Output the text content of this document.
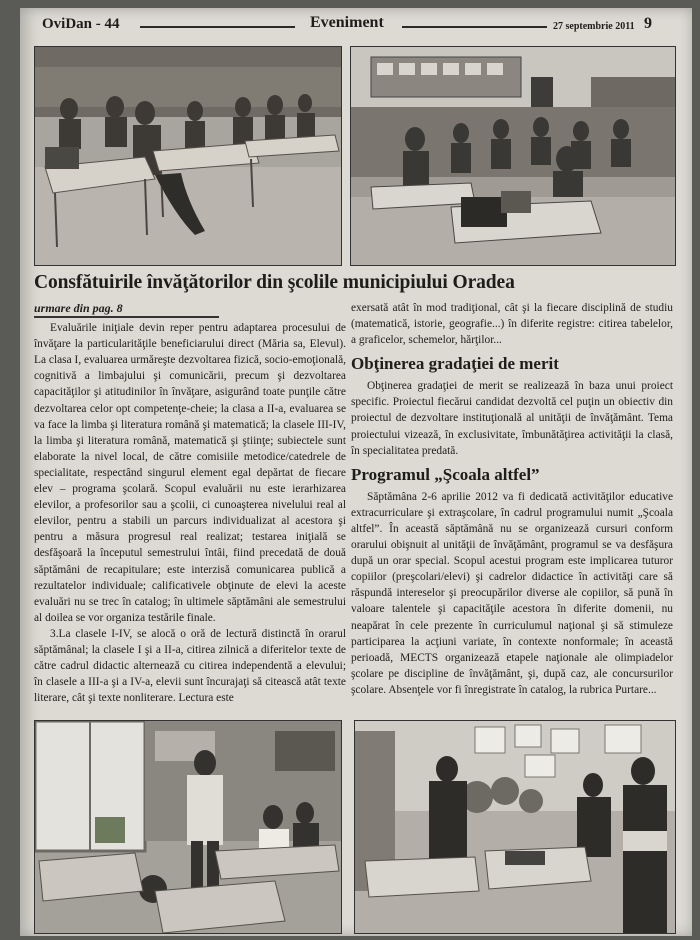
OviDan - 44	Eveniment	27 septembrie 2011 9
Consfătuirile învăţătorilor din şcolile municipiului Oradea
urmare din pag. 8

Evaluările iniţiale devin reper pentru adaptarea procesului de învăţare la particularităţile beneficiarului direct (Măria sa, Elevul). La clasa I, evaluarea urmăreşte dezvoltarea fizică, socio-emoţională, cognitivă a limbajului şi comunicării, precum şi dezvoltarea capacităţilor şi atitudinilor în învăţare, asigurând toate punţile către dezvoltarea celor opt competenţe-cheie; la clasa a II-a, evaluarea se va face la limba şi literatura română şi matematică; la clasele III-IV, la limba şi literatura română, matematică şi ştiinţe; subiectele sunt elaborate la nivel local, de către comisiile metodice/catedrele de specialitate, respectând singurul element egal depărtat de fiecare elev – programa şcolară. Scopul evaluării nu este ierarhizarea elevilor, a profesorilor sau a şcolii, ci cunoaşterea nivelului real al elevilor, pentru a stabili un parcurs individualizat al acestora şi pentru a măsura progresul real realizat; testarea iniţială se desfăşoară la începutul semestrului întâi, fiind precedată de două săptămâni de recapitulare; este interzisă comunicarea publică a rezultatelor individuale; calificativele obţinute de elevi la aceste evaluări nu se trec în catalog; în ultimele săptămâni ale semestrului al doilea se vor organiza testările finale.

3.La clasele I-IV, se alocă o oră de lectură distinctă în orarul săptămânal; la clasele I şi a II-a, citirea zilnică a diferitelor texte de către cadrul didactic alternează cu citirea independentă a elevului; în clasele a III-a şi a IV-a, elevii sunt încurajaţi să citească atât texte literare, cât şi texte nonliterare. Lectura este

exersată atât în mod tradiţional, cât şi la fiecare disciplină de studiu (matematică, istorie, geografie...) în diferite registre: citirea tabelelor, a graficelor, schemelor, hărţilor...

Obţinerea gradaţiei de merit

Obţinerea gradaţiei de merit se realizează în baza unui proiect specific. Proiectul fiecărui candidat dezvoltă cel puţin un obiectiv din proiectul de dezvoltare instituţională al unităţii de învăţământ. Tema proiectului vizează, în exclusivitate, îmbunătăţirea activităţii la clasă, în specialitatea predată.

Programul „Şcoala altfel”

Săptămâna 2-6 aprilie 2012 va fi dedicată activităţilor educative extracurriculare şi extraşcolare, în cadrul programului numit „Şcoala altfel”. În această săptămână nu se organizează cursuri conform orarului obişnuit al unităţii de învăţământ, programul se va desfăşura după un orar special. Scopul acestui program este implicarea tuturor copiilor (preşcolari/elevi) şi cadrelor didactice în activităţi care să răspundă intereselor şi preocupărilor diverse ale copiilor, să pună în valoare talentele şi capacităţile acestora în diferite domenii, nu neapărat în cele prezente în curriculumul naţional şi să stimuleze participarea la acţiuni variate, în contexte nonformale; în această perioadă, MECTS organizează etapele naţionale ale olimpiadelor şcolare pe discipline de învăţământ, şi, după caz, ale concursurilor şcolare. Absenţele vor fi înregistrate în catalog, la rubrica Purtare...
